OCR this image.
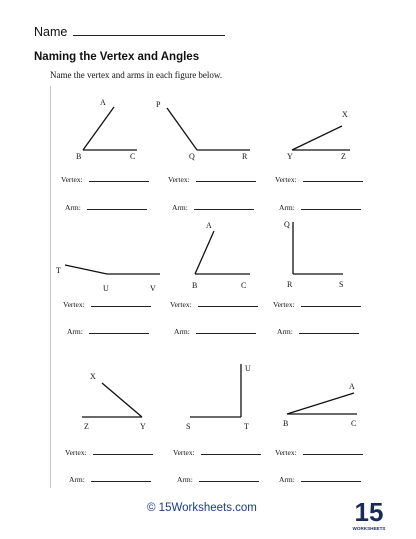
Name
Naming the Vertex and Angles
Name the vertex and arms in each figure below.
A
B	C
P
Q	R
X
Y	Z
T
U	V
A
B	C
Q
R	S
X
Z	Y
U
S	T
A
B	C
Vertex:	Vertex:	Vertex:
Arm:	Arm:	Arm:
Vertex:	Vertex:	Vertex:
Arm:	Arm:	Arm:
Vertex:	Vertex:	Vertex:
Arm:	Arm:	Arm:
© 15Worksheets.com	15
WORKSHEETS
